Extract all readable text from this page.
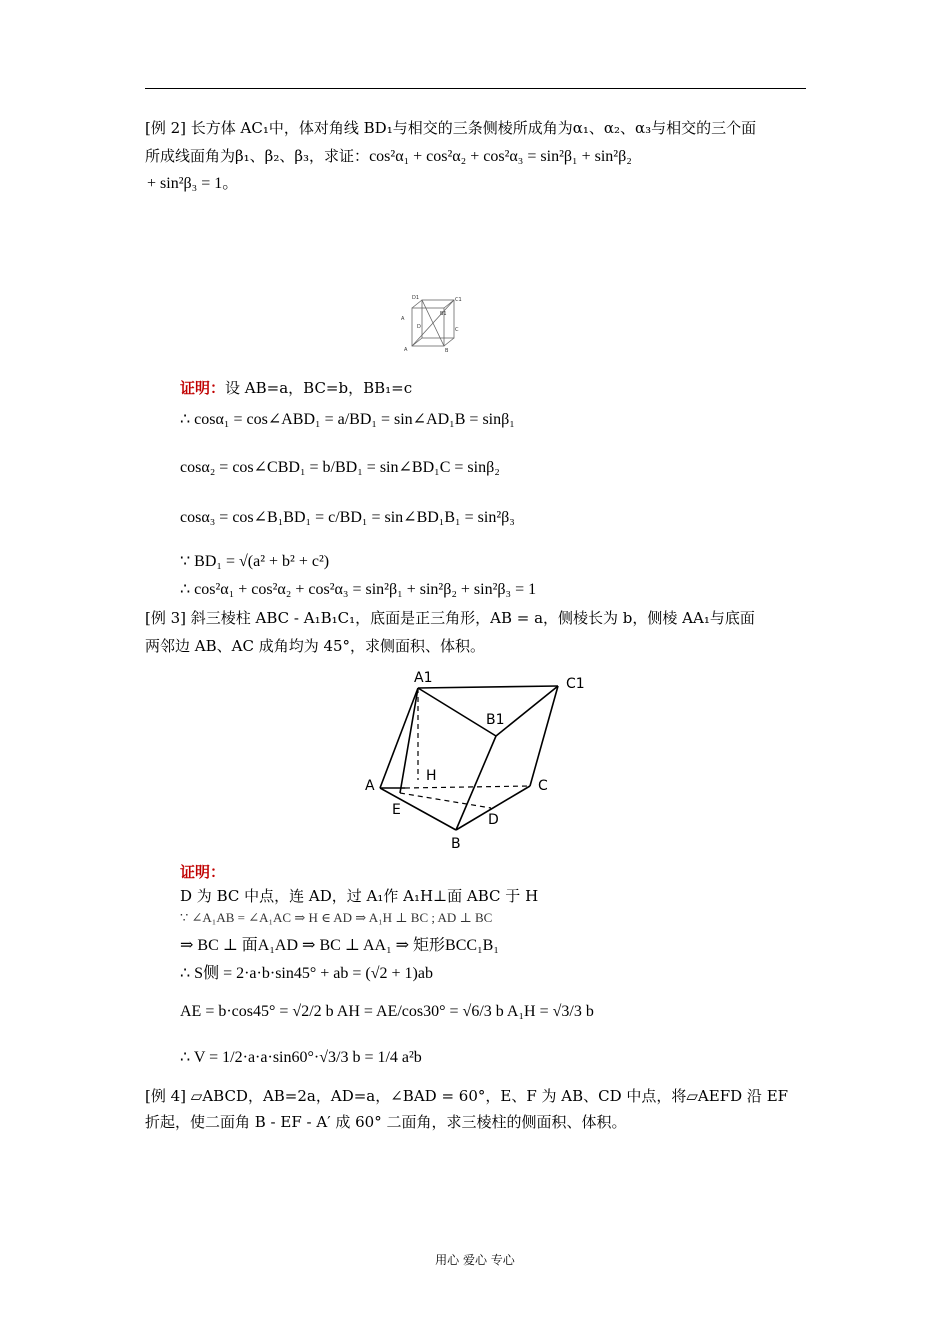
[例 2] 长方体 AC₁中，体对角线 BD₁与相交的三条侧棱所成角为α₁、α₂、α₃与相交的三个面
所成线面角为β₁、β₂、β₃，求证：cos²α₁ + cos²α₂ + cos²α₃ = sin²β₁ + sin²β₂
+ sin²β₃ = 1。
D1	C1
B1
A
D	C
A	B
证明：设 AB=a，BC=b，BB₁=c
∴ cosα₁ = cos∠ABD₁ = a/BD₁ = sin∠AD₁B = sinβ₁
cosα₂ = cos∠CBD₁ = b/BD₁ = sin∠BD₁C = sinβ₂
cosα₃ = cos∠B₁BD₁ = c/BD₁ = sin∠BD₁B₁ = sin²β₃
∵ BD₁ = √(a² + b² + c²)
∴ cos²α₁ + cos²α₂ + cos²α₃ = sin²β₁ + sin²β₂ + sin²β₃ = 1
[例 3] 斜三棱柱 ABC - A₁B₁C₁，底面是正三角形，AB = a，侧棱长为 b，侧棱 AA₁与底面
两邻边 AB、AC 成角均为 45°，求侧面积、体积。
A1	C1
B1
H
A	C
E
D
B
证明：
D 为 BC 中点，连 AD，过 A₁作 A₁H⊥面 ABC 于 H
∵ ∠A₁AB = ∠A₁AC ⇒ H ∈ AD ⇒ A₁H ⊥ BC ; AD ⊥ BC
⇒ BC ⊥ 面A₁AD ⇒ BC ⊥ AA₁ ⇒ 矩形BCC₁B₁
∴ S侧 = 2·a·b·sin45° + ab = (√2 + 1)ab
AE = b·cos45° = √2/2 b AH = AE/cos30° = √6/3 b A₁H = √3/3 b
∴ V = 1/2·a·a·sin60°·√3/3 b = 1/4 a²b
[例 4] ▱ABCD，AB=2a，AD=a，∠BAD = 60°，E、F 为 AB、CD 中点，将▱AEFD 沿 EF
折起，使二面角 B - EF - A′ 成 60° 二面角，求三棱柱的侧面积、体积。
用心 爱心 专心
